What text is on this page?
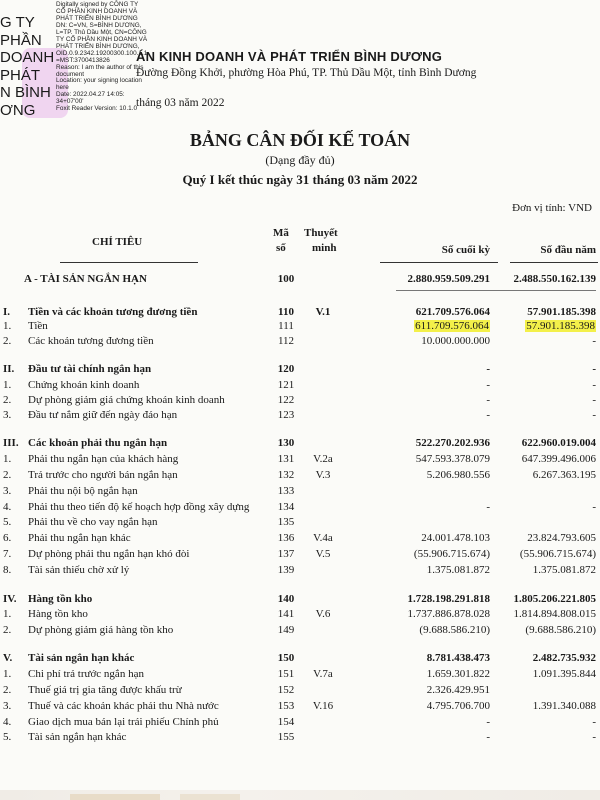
G TY
PHẦN
DOANH
PHÁT
N BÌNH
ƠNG
Digitally signed by CÔNG TY
CỔ PHẦN KINH DOANH VÀ
PHÁT TRIỂN BÌNH DƯƠNG
DN: C=VN, S=BÌNH DƯƠNG,
L=TP. Thủ Dầu Một, CN=CÔNG
TY CỔ PHẦN KINH DOANH VÀ
PHÁT TRIỂN BÌNH DƯƠNG,
OID.0.9.2342.19200300.100.1.1
=MST:3700413826
Reason: I am the author of this
document
Location: your signing location
here
Date: 2022.04.27 14:05:
34+07'00'
Foxit Reader Version: 10.1.0
ÁN KINH DOANH VÀ PHÁT TRIỂN BÌNH DƯƠNG
Đường Đồng Khởi, phường Hòa Phú, TP. Thủ Dầu Một, tỉnh Bình Dương
tháng 03 năm 2022
BẢNG CÂN ĐỐI KẾ TOÁN
(Dạng đầy đủ)
Quý I kết thúc ngày 31 tháng 03 năm 2022
Đơn vị tính: VND
CHỈ TIÊU
Mã
số
Thuyết
minh	Số cuối kỳ	Số đầu năm
A - TÀI SẢN NGẮN HẠN	100	2.880.959.509.291 2.488.550.162.139
I. Tiền và các khoản tương đương tiền	110	V.1	621.709.576.064	57.901.185.398
1. Tiền	111	611.709.576.064	57.901.185.398
2. Các khoản tương đương tiền	112	10.000.000.000	-
II. Đầu tư tài chính ngắn hạn	120	-	-
1. Chứng khoán kinh doanh	121	-	-
2. Dự phòng giảm giá chứng khoán kinh doanh	122	-	-
3. Đầu tư nắm giữ đến ngày đáo hạn	123	-	-
III. Các khoản phải thu ngắn hạn	130	522.270.202.936	622.960.019.004
1. Phải thu ngắn hạn của khách hàng	131	V.2a	547.593.378.079	647.399.496.006
2. Trả trước cho người bán ngắn hạn	132	V.3	5.206.980.556	6.267.363.195
3. Phải thu nội bộ ngắn hạn	133
4. Phải thu theo tiến độ kế hoạch hợp đồng xây dựng	134	-	-
5. Phải thu về cho vay ngắn hạn	135
6. Phải thu ngắn hạn khác	136	V.4a	24.001.478.103	23.824.793.605
7. Dự phòng phải thu ngắn hạn khó đòi	137	V.5	(55.906.715.674)	(55.906.715.674)
8. Tài sản thiếu chờ xử lý	139	1.375.081.872	1.375.081.872
IV. Hàng tồn kho	140	1.728.198.291.818 1.805.206.221.805
1. Hàng tồn kho	141	V.6	1.737.886.878.028 1.814.894.808.015
2. Dự phòng giảm giá hàng tồn kho	149	(9.688.586.210)	(9.688.586.210)
V. Tài sản ngắn hạn khác	150	8.781.438.473	2.482.735.932
1. Chi phí trả trước ngắn hạn	151	V.7a	1.659.301.822	1.091.395.844
2. Thuế giá trị gia tăng được khấu trừ	152	2.326.429.951
3. Thuế và các khoản khác phải thu Nhà nước	153	V.16	4.795.706.700	1.391.340.088
4. Giao dịch mua bán lại trái phiếu Chính phủ	154	-	-
5. Tài sản ngắn hạn khác	155	-	-
